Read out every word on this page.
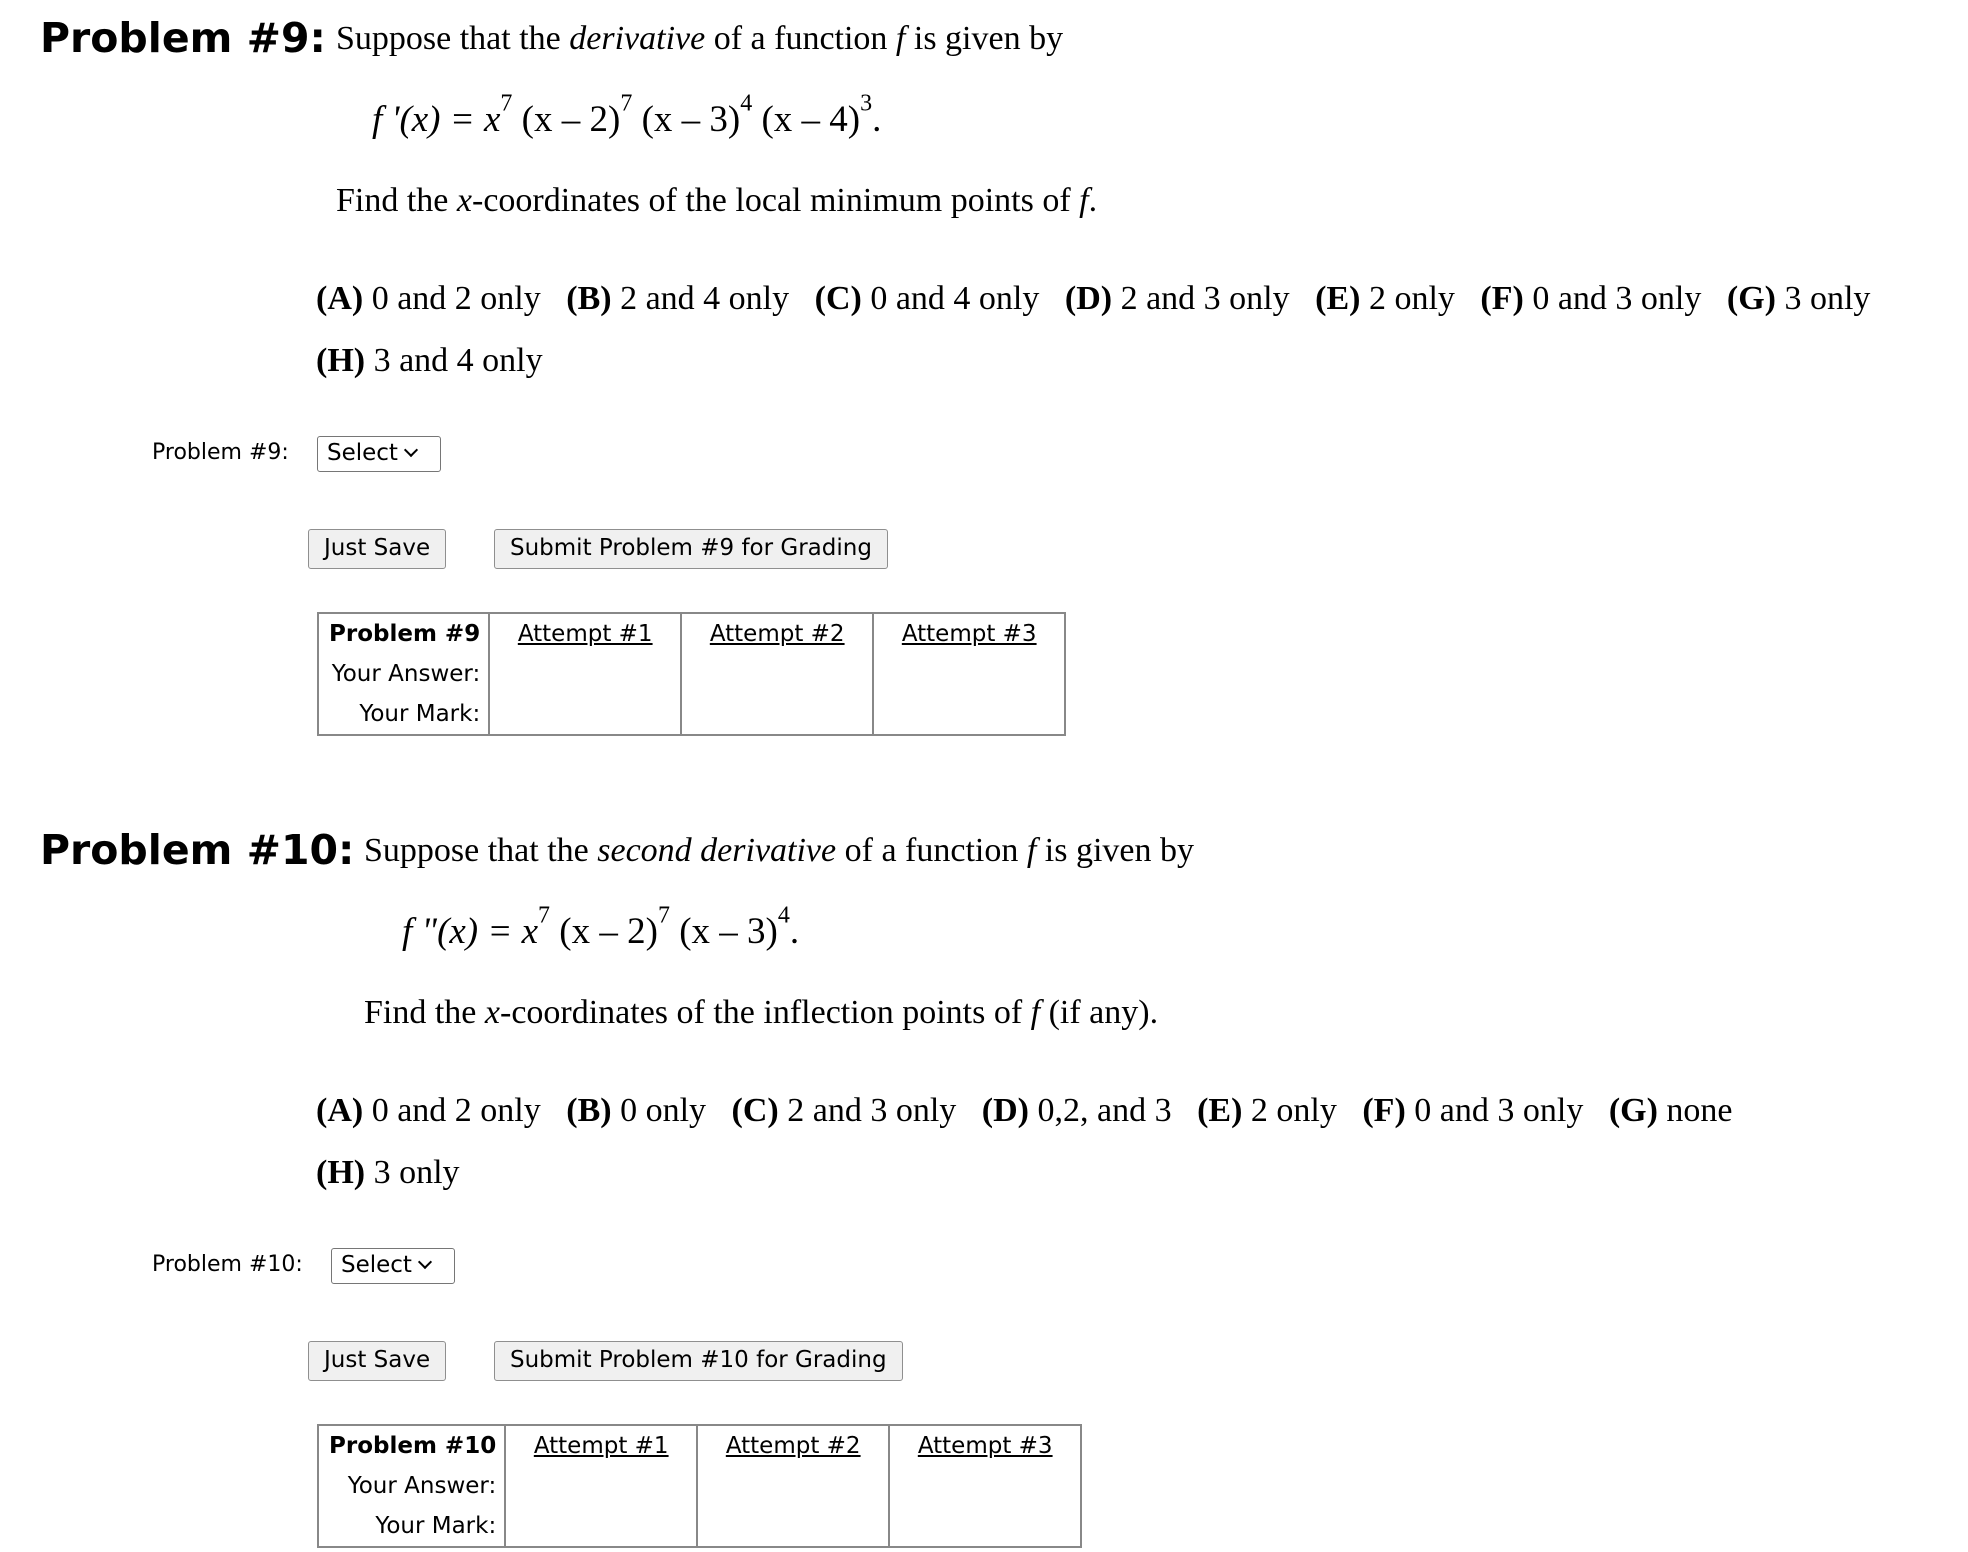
Problem #9: Suppose that the derivative of a function f is given by
f '$(x) = x^7$ (x – 2)$^7$ (x – 3)$^4$ (x – 4)$^3$.
Find the x-coordinates of the local minimum points of f.
(A) 0 and 2 only (B) 2 and 4 only (C) 0 and 4 only (D) 2 and 3 only (E) 2 only (F) 0 and 3 only (G) 3 only
(H) 3 and 4 only
Problem #9:	Select
Just Save	Submit Problem #9 for Grading
Problem #9	Attempt #1	Attempt #2	Attempt #3
Your Answer:			
Your Mark:			
Problem #10: Suppose that the second derivative of a function f is given by
f "$(x) = x^7$ (x – 2)$^7$ (x – 3)$^4$.
Find the x-coordinates of the inflection points of f (if any).
(A) 0 and 2 only (B) 0 only (C) 2 and 3 only (D) 0,2, and 3 (E) 2 only (F) 0 and 3 only (G) none
(H) 3 only
Problem #10:	Select
Just Save	Submit Problem #10 for Grading
Problem #10	Attempt #1	Attempt #2	Attempt #3
Your Answer:			
Your Mark:			
